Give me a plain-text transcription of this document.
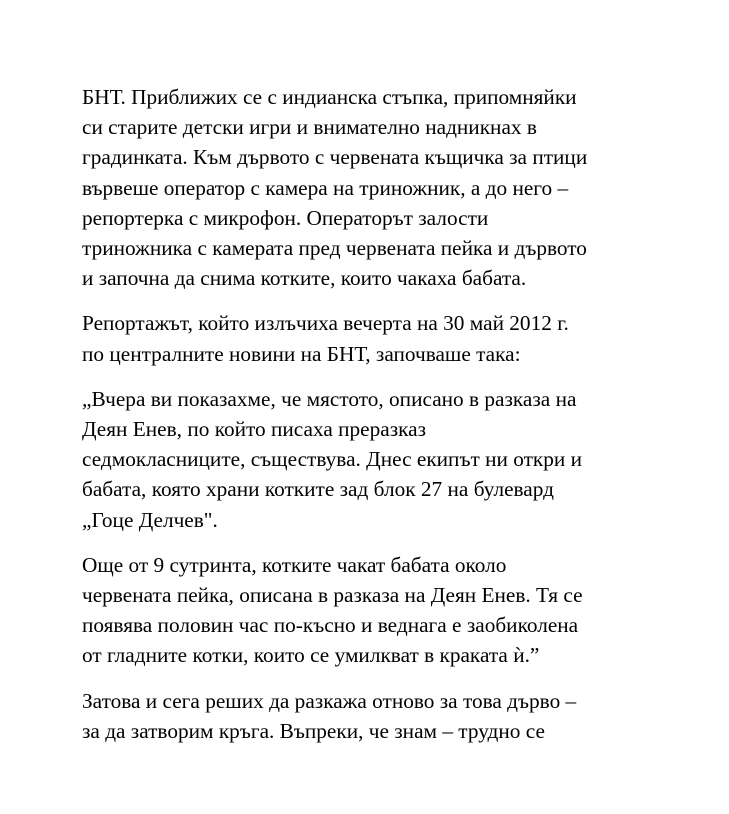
БНТ. Приближих се с индианска стъпка, припомняйки
си старите детски игри и внимателно надникнах в
градинката. Към дървото с червената къщичка за птици
вървеше оператор с камера на триножник, а до него –
репортерка с микрофон. Операторът залости
триножника с камерата пред червената пейка и дървото
и започна да снима котките, които чакаха бабата.

Репортажът, който излъчиха вечерта на 30 май 2012 г.
по централните новини на БНТ, започваше така:

„Вчера ви показахме, че мястото, описано в разказа на
Деян Енев, по който писаха преразказ
седмокласниците, съществува. Днес екипът ни откри и
бабата, която храни котките зад блок 27 на булевард
„Гоце Делчев".

Още от 9 сутринта, котките чакат бабата около
червената пейка, описана в разказа на Деян Енев. Тя се
появява половин час по-късно и веднага е заобиколена
от гладните котки, които се умилкват в краката ѝ.”

Затова и сега реших да разкажа отново за това дърво –
за да затворим кръга. Въпреки, че знам – трудно се
